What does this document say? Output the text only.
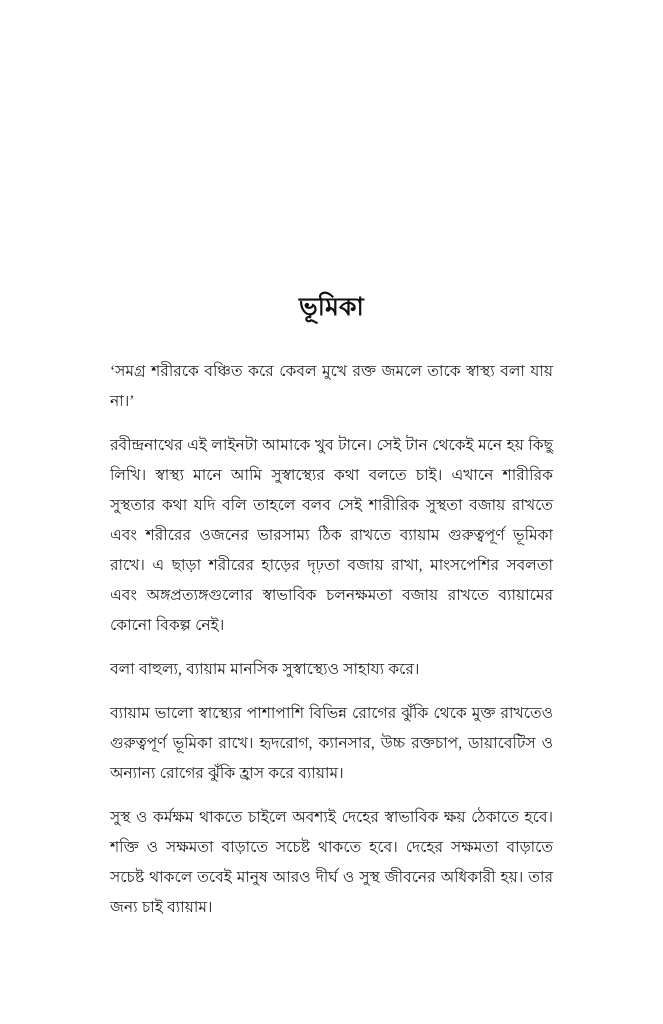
ভূমিকা

‘সমগ্র শরীরকে বঞ্চিত করে কেবল মুখে রক্ত জমলে তাকে স্বাস্থ্য বলা যায় না।’

রবীন্দ্রনাথের এই লাইনটা আমাকে খুব টানে। সেই টান থেকেই মনে হয় কিছু লিখি। স্বাস্থ্য মানে আমি সুস্বাস্থ্যের কথা বলতে চাই। এখানে শারীরিক সুস্থতার কথা যদি বলি তাহলে বলব সেই শারীরিক সুস্থতা বজায় রাখতে এবং শরীরের ওজনের ভারসাম্য ঠিক রাখতে ব্যায়াম গুরুত্বপূর্ণ ভূমিকা রাখে। এ ছাড়া শরীরের হাড়ের দৃঢ়তা বজায় রাখা, মাংসপেশির সবলতা এবং অঙ্গপ্রত্যঙ্গগুলোর স্বাভাবিক চলনক্ষমতা বজায় রাখতে ব্যায়ামের কোনো বিকল্প নেই।

বলা বাহুল্য, ব্যায়াম মানসিক সুস্বাস্থ্যেও সাহায্য করে।

ব্যায়াম ভালো স্বাস্থ্যের পাশাপাশি বিভিন্ন রোগের ঝুঁকি থেকে মুক্ত রাখতেও গুরুত্বপূর্ণ ভূমিকা রাখে। হৃদরোগ, ক্যানসার, উচ্চ রক্তচাপ, ডায়াবেটিস ও অন্যান্য রোগের ঝুঁকি হ্রাস করে ব্যায়াম।

সুস্থ ও কর্মক্ষম থাকতে চাইলে অবশ্যই দেহের স্বাভাবিক ক্ষয় ঠেকাতে হবে। শক্তি ও সক্ষমতা বাড়াতে সচেষ্ট থাকতে হবে। দেহের সক্ষমতা বাড়াতে সচেষ্ট থাকলে তবেই মানুষ আরও দীর্ঘ ও সুস্থ জীবনের অধিকারী হয়। তার জন্য চাই ব্যায়াম।
